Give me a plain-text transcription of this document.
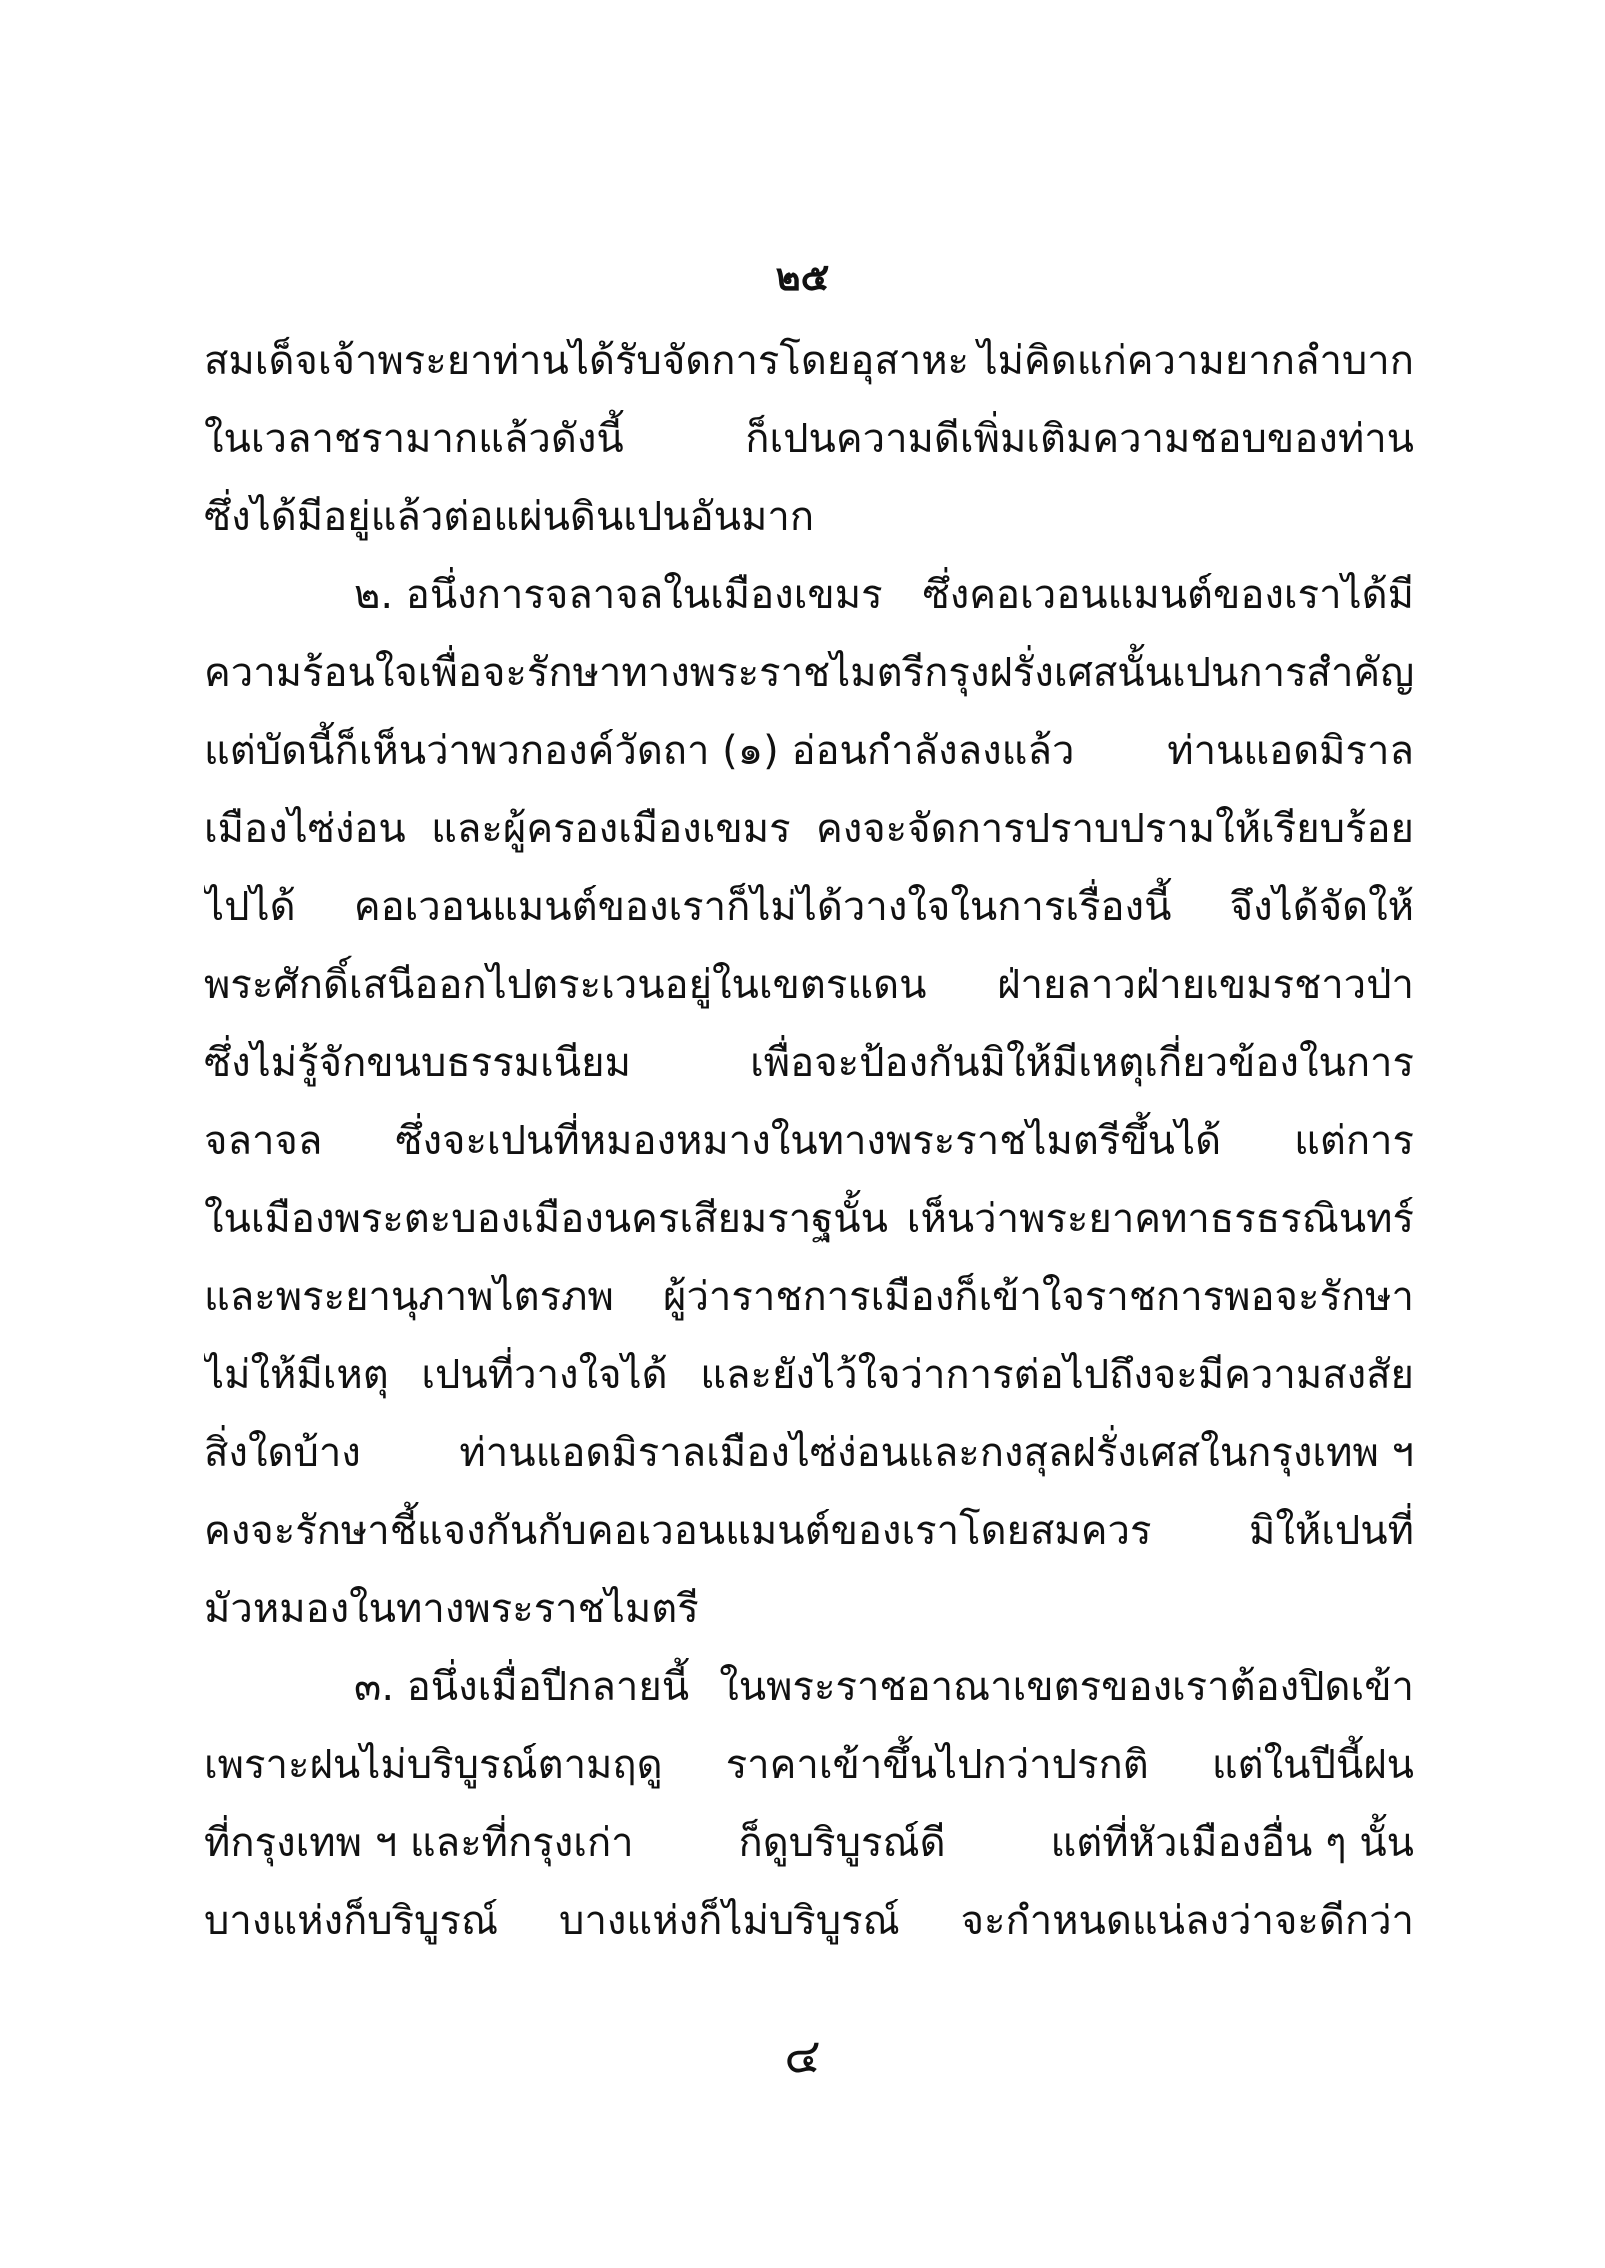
๒๕
สมเด็จเจ้าพระยาท่านได้รับจัดการโดยอุสาหะ ไม่คิดแก่ความยากลำบาก
ในเวลาชรามากแล้วดังนี้	ก็เปนความดีเพิ่มเติมความชอบของท่าน
ซึ่งได้มีอยู่แล้วต่อแผ่นดินเปนอันมาก
๒. อนึ่งการจลาจลในเมืองเขมร ซึ่งคอเวอนแมนต์ของเราได้มี
ความร้อนใจ เพื่อจะรักษาทางพระราชไมตรีกรุงฝรั่งเศสนั้นเปนการสำคัญ
แต่บัดนี้ก็เห็นว่าพวกองค์วัดถา (๑) อ่อนกำลังลงแล้ว ท่านแอดมิราล
เมืองไซ่ง่อน และผู้ครองเมืองเขมร คงจะจัดการปราบปรามให้เรียบร้อย
ไปได้ คอเวอนแมนต์ของเราก็ไม่ได้วางใจในการเรื่องนี้ จึงได้จัดให้
พระศักดิ์เสนีออกไปตระเวนอยู่ในเขตรแดน ฝ่ายลาวฝ่ายเขมรชาวป่า
ซึ่งไม่รู้จักขนบธรรมเนียม	เพื่อจะป้องกันมิให้มีเหตุเกี่ยวข้องในการ
จลาจล ซึ่งจะเปนที่หมองหมางในทางพระราชไมตรีขึ้นได้ แต่การ
ในเมืองพระตะบองเมืองนครเสียมราฐนั้น เห็นว่าพระยาคทาธรธรณินทร์
และพระยานุภาพไตรภพ ผู้ว่าราชการเมืองก็เข้าใจราชการพอจะรักษา
ไม่ให้มีเหตุ เปนที่วางใจได้ และยังไว้ใจว่าการต่อไปถึงจะมีความสงสัย
สิ่งใดบ้าง ท่านแอดมิราลเมืองไซ่ง่อนและกงสุลฝรั่งเศสในกรุงเทพ ฯ
คงจะรักษาชี้แจงกันกับคอเวอนแมนต์ของเราโดยสมควร มิให้เปนที่
มัวหมองในทางพระราชไมตรี
๓. อนึ่งเมื่อปีกลายนี้ ในพระราชอาณาเขตรของเราต้องปิดเข้า
เพราะฝนไม่บริบูรณ์ตามฤดู ราคาเข้าขึ้นไปกว่าปรกติ แต่ในปีนี้ฝน
ที่กรุงเทพ ฯ และที่กรุงเก่า	ก็ดูบริบูรณ์ดี	แต่ที่หัวเมืองอื่น ๆ นั้น
บางแห่งก็บริบูรณ์ บางแห่งก็ไม่บริบูรณ์ จะกำหนดแน่ลงว่าจะดีกว่า
๔
